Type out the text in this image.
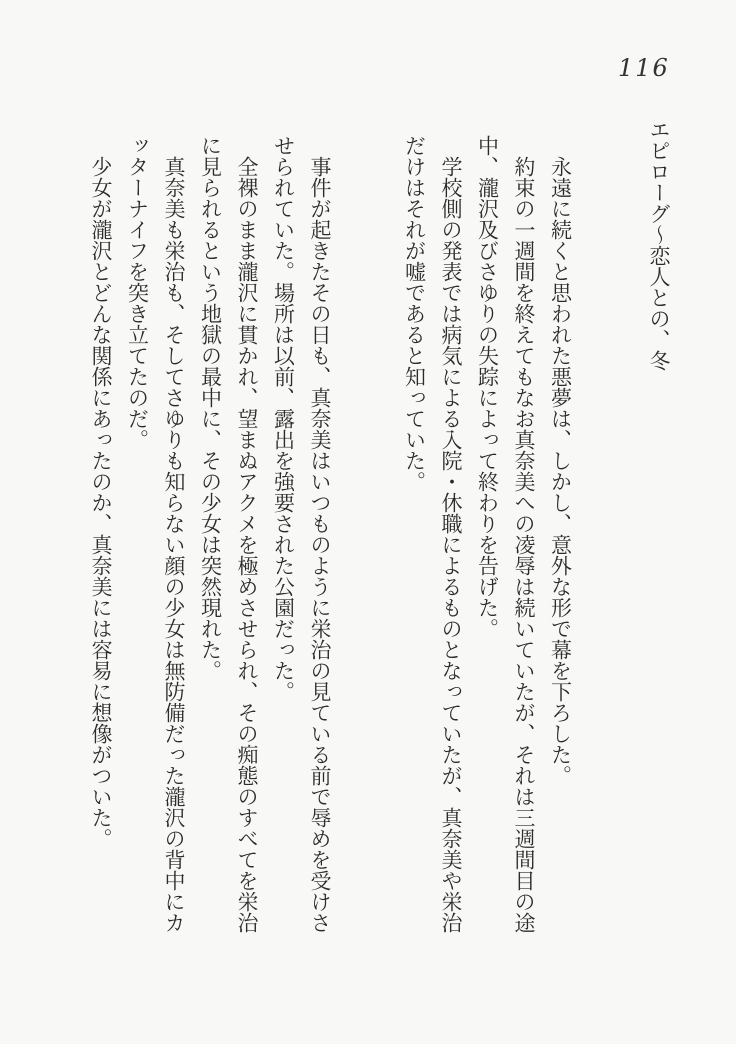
116
エピローグ～恋人との、冬

永遠に続くと思われた悪夢は、しかし、意外な形で幕を下ろした。

約束の一週間を終えてもなお真奈美への凌辱は続いていたが、それは三週間目の途中、瀧沢及びさゆりの失踪によって終わりを告げた。

学校側の発表では病気による入院・休職によるものとなっていたが、真奈美や栄治だけはそれが嘘であると知っていた。

事件が起きたその日も、真奈美はいつものように栄治の見ている前で辱めを受けさせられていた。場所は以前、露出を強要された公園だった。

全裸のまま瀧沢に貫かれ、望まぬアクメを極めさせられ、その痴態のすべてを栄治に見られるという地獄の最中に、その少女は突然現れた。

真奈美も栄治も、そしてさゆりも知らない顔の少女は無防備だった瀧沢の背中にカッターナイフを突き立てたのだ。

少女が瀧沢とどんな関係にあったのか、真奈美には容易に想像がついた。
